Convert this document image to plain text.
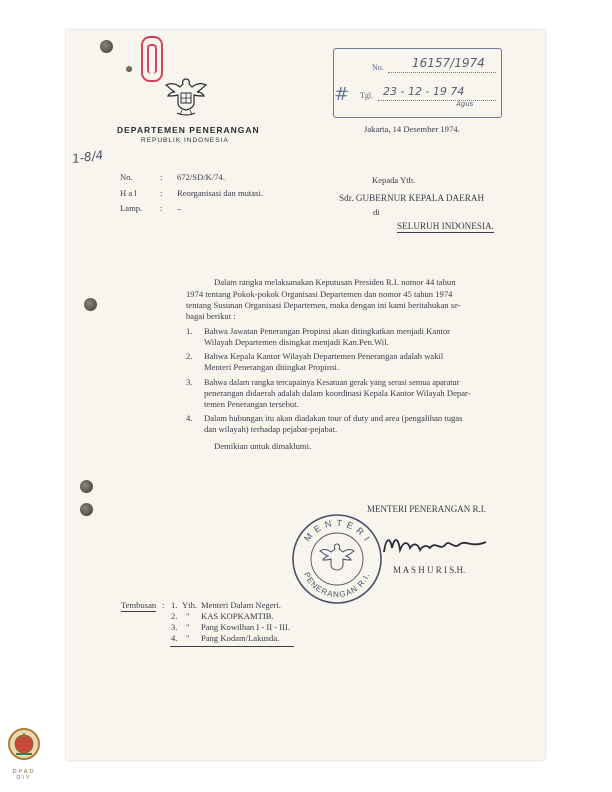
DEPARTEMEN PENERANGAN
REPUBLIK INDONESIA
No. 16157/1974
Tgl. 23 - 12 - 19 74
Agus
#
Jakarta, 14 Desember 1974.
1-8/4
No.	: 672/SD/K/74.
H a l	: Reorganisasi dan mutasi.
Lamp. : –
Kepada Yth.
Sdr. GUBERNUR KEPALA DAERAH
di
SELURUH INDONESIA.
Dalam rangka melaksanakan Keputusan Presiden R.I. nomor 44 tahun
1974 tentang Pokok-pokok Organisasi Departemen dan nomor 45 tahun 1974
tentang Susunan Organisasi Departemen, maka dengan ini kami beritahukan se-
bagai berikut :
1. Bahwa Jawatan Penerangan Propinsi akan ditingkatkan menjadi Kantor
Wilayah Departemen disingkat menjadi Kan.Pen.Wil.
2. Bahwa Kepala Kantor Wilayah Departemen Penerangan adalah wakil
Menteri Penerangan ditingkat Propinsi.
3. Bahwa dalam rangka tercapainya Kesatuan gerak yang serasi semua aparatur
penerangan didaerah adalah dalam koordinasi Kepala Kantor Wilayah Depar-
temen Penerangan tersebut.
4. Dalam hubungan itu akan diadakan tour of duty and area (pengalihan tugas
dan wilayah) terhadap pejabat-pejabat.
Demikian untuk dimaklumi.
MENTERI PENERANGAN R.I.
M E N T E R I
PENERANGAN R.I.
Mashuri
M A S H U R I S.H.
Tembusan : 1. Yth. Menteri Dalam Negeri.
2. " KAS KOPKAMTIB.
3. " Pang Kowilhan I - II - III.
4. " Pang Kodam/Lakusda.
DPAD
DIY
